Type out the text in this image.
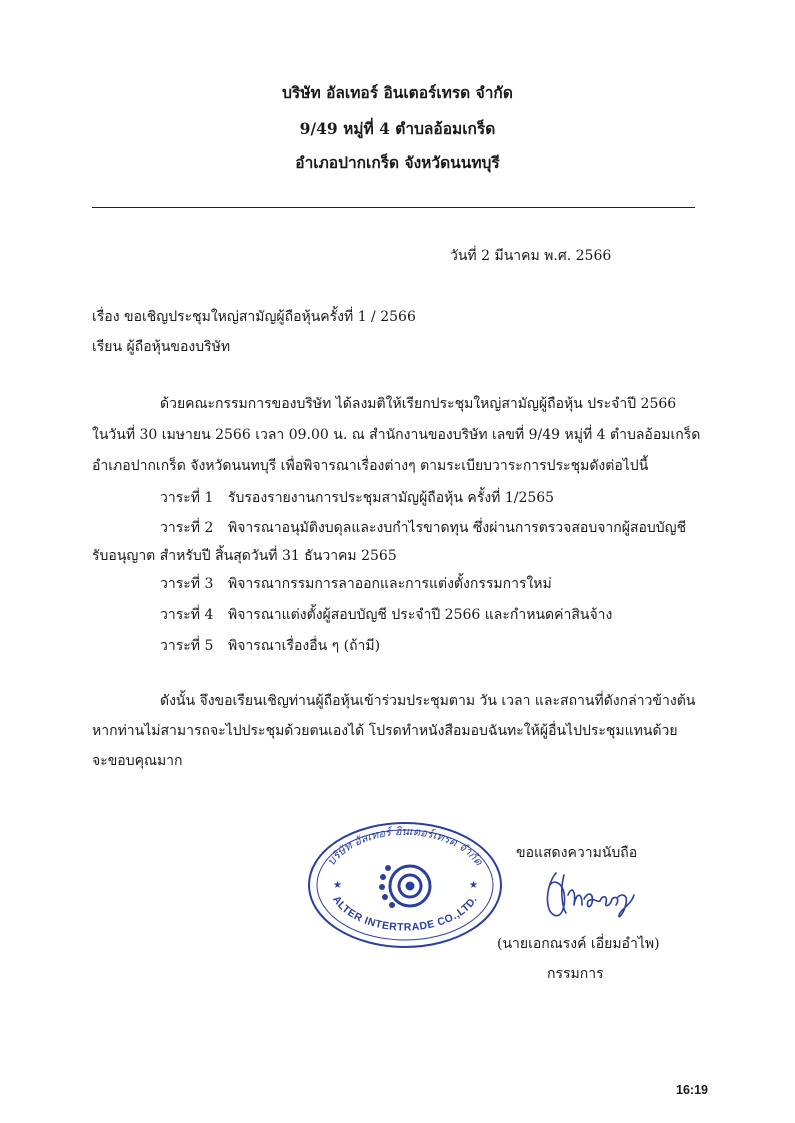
บริษัท อัลเทอร์ อินเตอร์เทรด จำกัด
9/49 หมู่ที่ 4 ตำบลอ้อมเกร็ด
อำเภอปากเกร็ด จังหวัดนนทบุรี
วันที่ 2 มีนาคม พ.ศ. 2566
เรื่อง ขอเชิญประชุมใหญ่สามัญผู้ถือหุ้นครั้งที่ 1 / 2566
เรียน ผู้ถือหุ้นของบริษัท
ด้วยคณะกรรมการของบริษัท ได้ลงมติให้เรียกประชุมใหญ่สามัญผู้ถือหุ้น ประจำปี 2566
ในวันที่ 30 เมษายน 2566 เวลา 09.00 น. ณ สำนักงานของบริษัท เลขที่ 9/49 หมู่ที่ 4 ตำบลอ้อมเกร็ด
อำเภอปากเกร็ด จังหวัดนนทบุรี เพื่อพิจารณาเรื่องต่างๆ ตามระเบียบวาระการประชุมดังต่อไปนี้
วาระที่ 1 รับรองรายงานการประชุมสามัญผู้ถือหุ้น ครั้งที่ 1/2565
วาระที่ 2 พิจารณาอนุมัติงบดุลและงบกำไรขาดทุน ซึ่งผ่านการตรวจสอบจากผู้สอบบัญชี
รับอนุญาต สำหรับปี สิ้นสุดวันที่ 31 ธันวาคม 2565
วาระที่ 3 พิจารณากรรมการลาออกและการแต่งตั้งกรรมการใหม่
วาระที่ 4 พิจารณาแต่งตั้งผู้สอบบัญชี ประจำปี 2566 และกำหนดค่าสินจ้าง
วาระที่ 5 พิจารณาเรื่องอื่น ๆ (ถ้ามี)
ดังนั้น จึงขอเรียนเชิญท่านผู้ถือหุ้นเข้าร่วมประชุมตาม วัน เวลา และสถานที่ดังกล่าวข้างต้น
หากท่านไม่สามารถจะไปประชุมด้วยตนเองได้ โปรดทำหนังสือมอบฉันทะให้ผู้อื่นไปประชุมแทนด้วย
จะขอบคุณมาก
ขอแสดงความนับถือ
บริษัท อัลเทอร์ อินเตอร์เทรด จำกัด
ALTER INTERTRADE CO.,LTD.
★	★
(นายเอกณรงค์ เอี่ยมอำไพ)
กรรมการ
16:19
